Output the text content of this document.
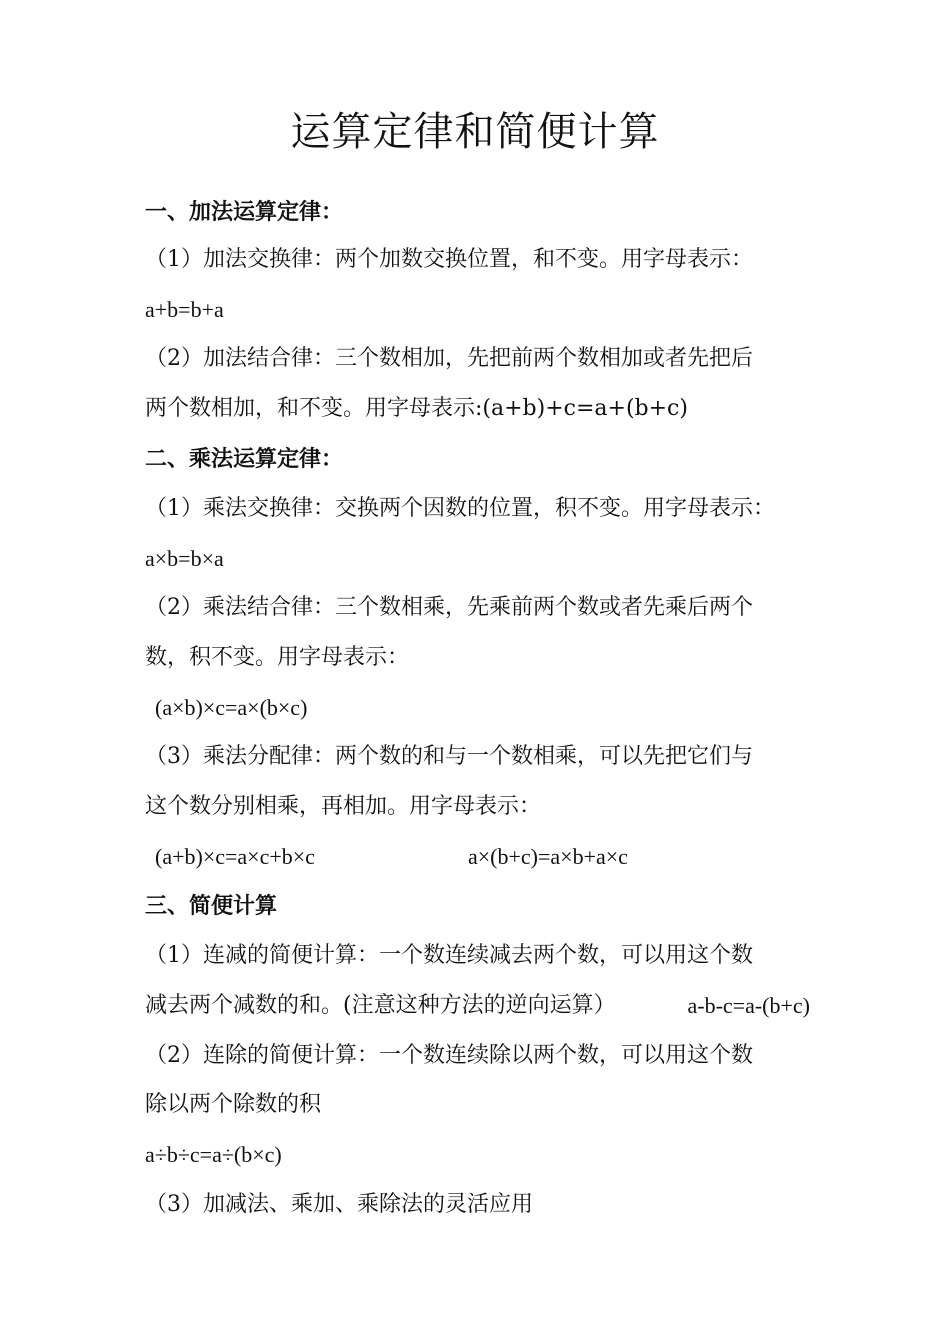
运算定律和简便计算
一、加法运算定律：
（1）加法交换律：两个加数交换位置，和不变。用字母表示：
a+b=b+a
（2）加法结合律：三个数相加，先把前两个数相加或者先把后
两个数相加，和不变。用字母表示:(a+b)+c=a+(b+c)
二、乘法运算定律：
（1）乘法交换律：交换两个因数的位置，积不变。用字母表示：
a×b=b×a
（2）乘法结合律：三个数相乘，先乘前两个数或者先乘后两个
数，积不变。用字母表示：
(a×b)×c=a×(b×c)
（3）乘法分配律：两个数的和与一个数相乘，可以先把它们与
这个数分别相乘，再相加。用字母表示：
(a+b)×c=a×c+b×c	a×(b+c)=a×b+a×c
三、简便计算
（1）连减的简便计算：一个数连续减去两个数，可以用这个数
减去两个减数的和。(注意这种方法的逆向运算）	a-b-c=a-(b+c)
（2）连除的简便计算：一个数连续除以两个数，可以用这个数
除以两个除数的积
a÷b÷c=a÷(b×c)
（3）加减法、乘加、乘除法的灵活应用
